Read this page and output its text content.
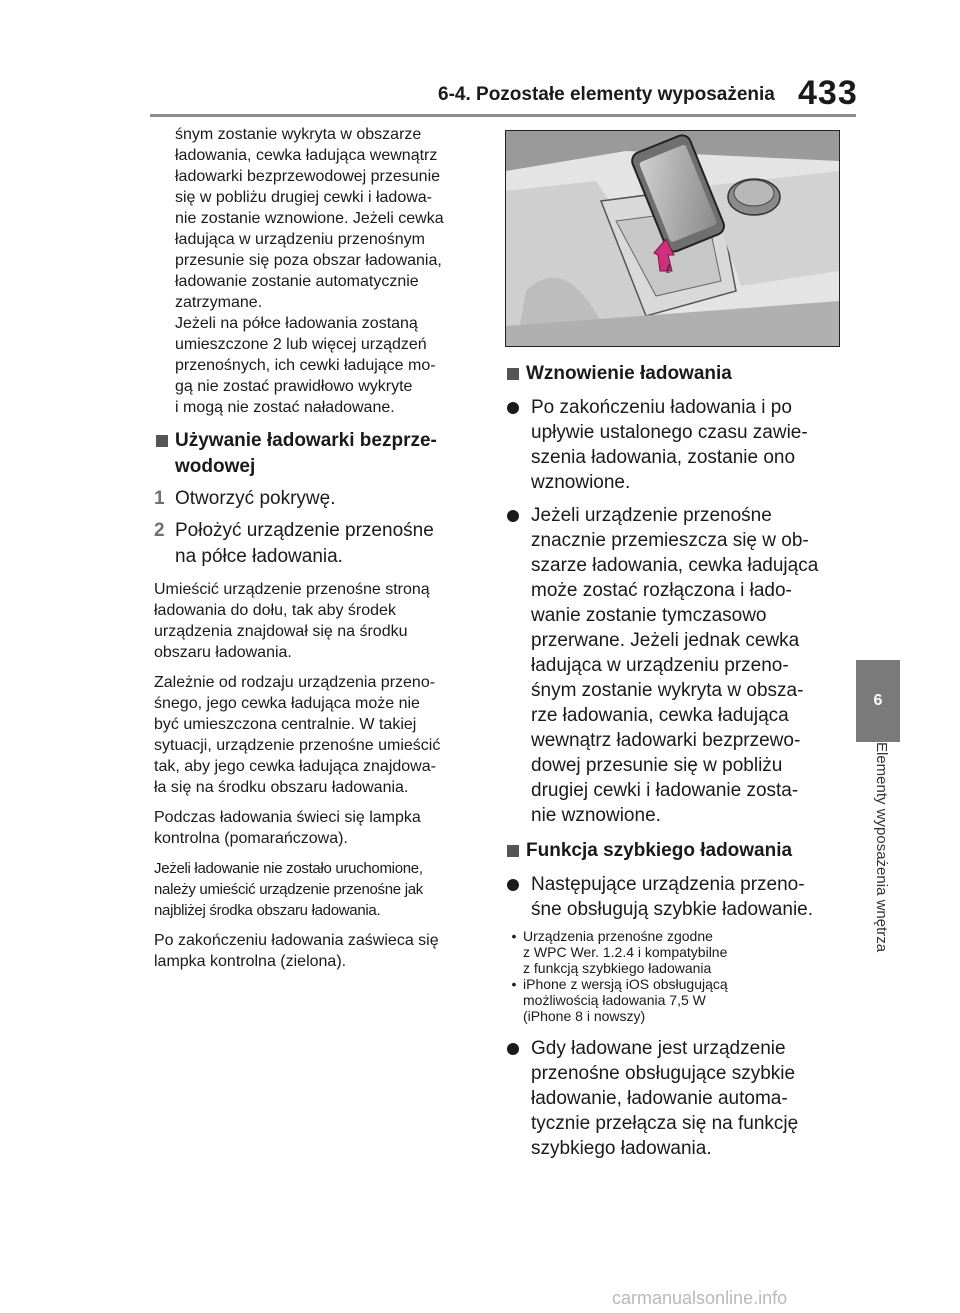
6-4. Pozostałe elementy wyposażenia 433
6
Elementy wyposażenia wnętrza
śnym zostanie wykryta w obszarze
ładowania, cewka ładująca wewnątrz
ładowarki bezprzewodowej przesunie
się w pobliżu drugiej cewki i ładowa-
nie zostanie wznowione. Jeżeli cewka
ładująca w urządzeniu przenośnym
przesunie się poza obszar ładowania,
ładowanie zostanie automatycznie
zatrzymane.
Jeżeli na półce ładowania zostaną
umieszczone 2 lub więcej urządzeń
przenośnych, ich cewki ładujące mo-
gą nie zostać prawidłowo wykryte
i mogą nie zostać naładowane.
Używanie ładowarki bezprze-
wodowej
1 Otworzyć pokrywę.
2 Położyć urządzenie przenośne
na półce ładowania.
Umieścić urządzenie przenośne stroną
ładowania do dołu, tak aby środek
urządzenia znajdował się na środku
obszaru ładowania.
Zależnie od rodzaju urządzenia przeno-
śnego, jego cewka ładująca może nie
być umieszczona centralnie. W takiej
sytuacji, urządzenie przenośne umieścić
tak, aby jego cewka ładująca znajdowa-
ła się na środku obszaru ładowania.
Podczas ładowania świeci się lampka
kontrolna (pomarańczowa).
Jeżeli ładowanie nie zostało uruchomione,
należy umieścić urządzenie przenośne jak
najbliżej środka obszaru ładowania.
Po zakończeniu ładowania zaświeca się
lampka kontrolna (zielona).
ℓ
Wznowienie ładowania
Po zakończeniu ładowania i po
upływie ustalonego czasu zawie-
szenia ładowania, zostanie ono
wznowione.
Jeżeli urządzenie przenośne
znacznie przemieszcza się w ob-
szarze ładowania, cewka ładująca
może zostać rozłączona i łado-
wanie zostanie tymczasowo
przerwane. Jeżeli jednak cewka
ładująca w urządzeniu przeno-
śnym zostanie wykryta w obsza-
rze ładowania, cewka ładująca
wewnątrz ładowarki bezprzewo-
dowej przesunie się w pobliżu
drugiej cewki i ładowanie zosta-
nie wznowione.
Funkcja szybkiego ładowania
Następujące urządzenia przeno-
śne obsługują szybkie ładowanie.
• Urządzenia przenośne zgodne
z WPC Wer. 1.2.4 i kompatybilne
z funkcją szybkiego ładowania
• iPhone z wersją iOS obsługującą
możliwością ładowania 7,5 W
(iPhone 8 i nowszy)
Gdy ładowane jest urządzenie
przenośne obsługujące szybkie
ładowanie, ładowanie automa-
tycznie przełącza się na funkcję
szybkiego ładowania.
carmanualsonline.info
